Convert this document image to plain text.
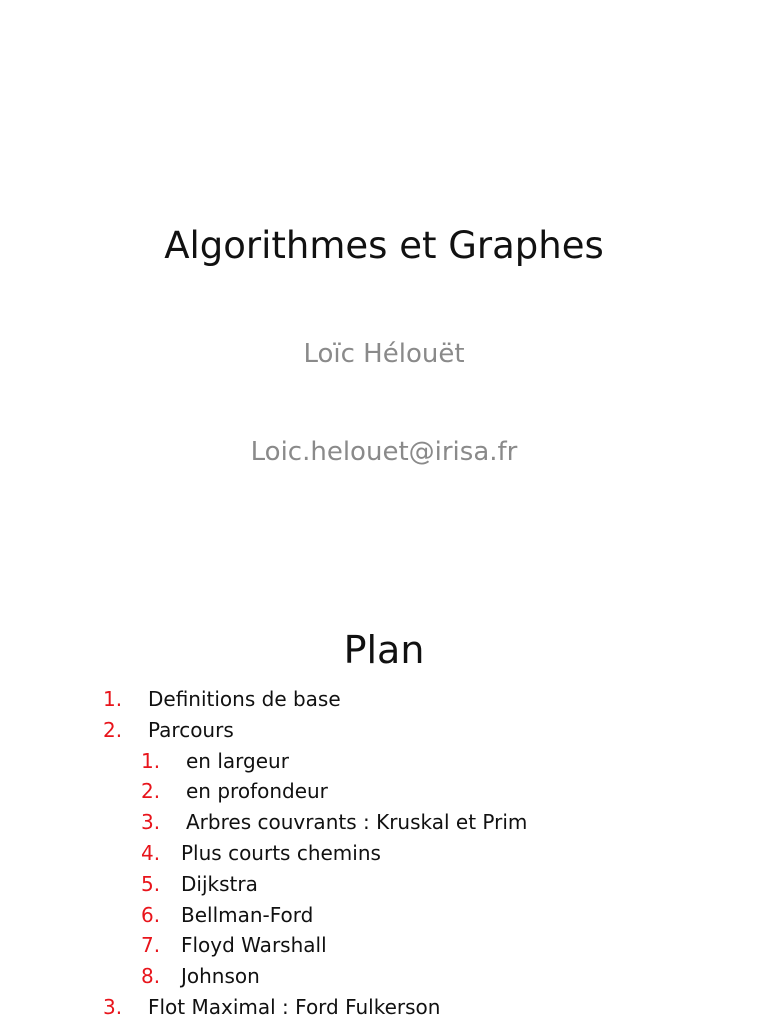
Algorithmes et Graphes
Loïc Hélouët
Loic.helouet@irisa.fr
Plan
1. Definitions de base
2. Parcours
1. en largeur
2. en profondeur
3. Arbres couvrants : Kruskal et Prim
4. Plus courts chemins
5. Dijkstra
6. Bellman-Ford
7. Floyd Warshall
8. Johnson
3. Flot Maximal : Ford Fulkerson
